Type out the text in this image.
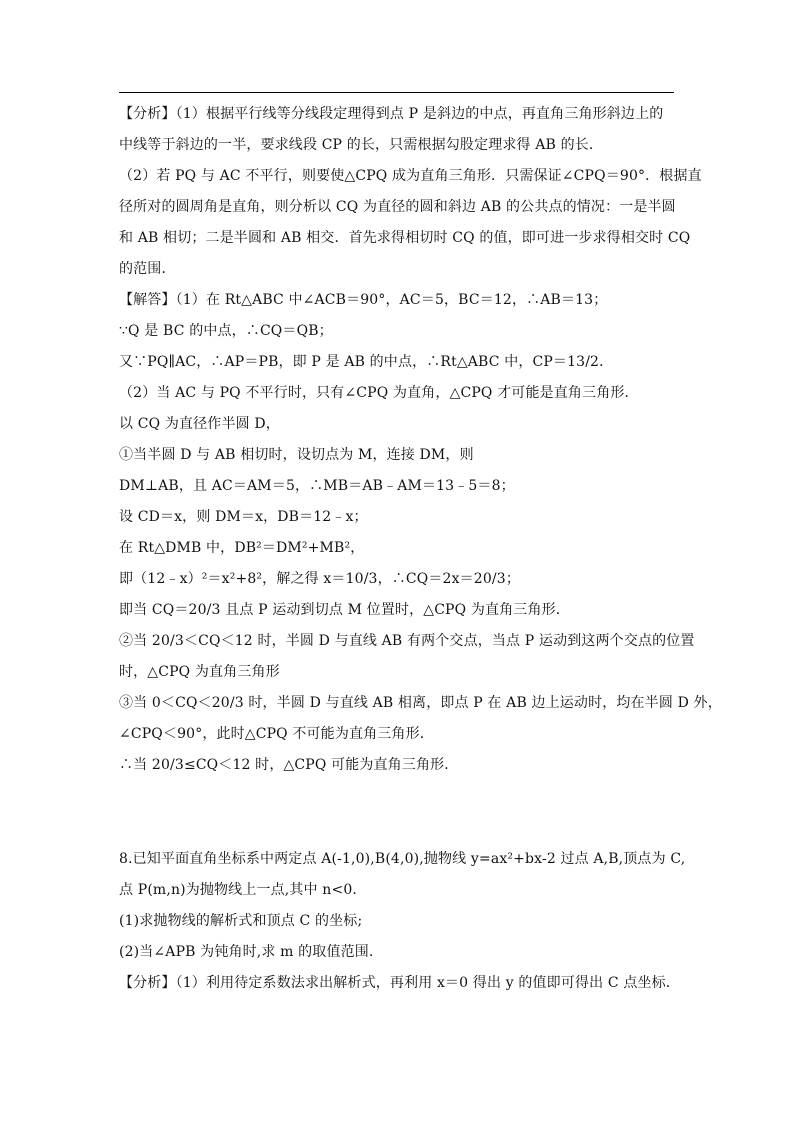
【分析】（1）根据平行线等分线段定理得到点 P 是斜边的中点，再直角三角形斜边上的
中线等于斜边的一半，要求线段 CP 的长，只需根据勾股定理求得 AB 的长．
（2）若 PQ 与 AC 不平行，则要使△CPQ 成为直角三角形．只需保证∠CPQ＝90°．根据直
径所对的圆周角是直角，则分析以 CQ 为直径的圆和斜边 AB 的公共点的情况：一是半圆
和 AB 相切；二是半圆和 AB 相交．首先求得相切时 CQ 的值，即可进一步求得相交时 CQ
的范围．
【解答】（1）在 Rt△ABC 中∠ACB＝90°，AC＝5，BC＝12，∴AB＝13；
∵Q 是 BC 的中点，∴CQ＝QB；
又∵PQ∥AC，∴AP＝PB，即 P 是 AB 的中点，∴Rt△ABC 中，CP＝13/2．
（2）当 AC 与 PQ 不平行时，只有∠CPQ 为直角，△CPQ 才可能是直角三角形．
以 CQ 为直径作半圆 D，
①当半圆 D 与 AB 相切时，设切点为 M，连接 DM，则
DM⊥AB，且 AC＝AM＝5，∴MB＝AB﹣AM＝13﹣5＝8；
设 CD＝x，则 DM＝x，DB＝12﹣x；
在 Rt△DMB 中，DB²＝DM²+MB²，
即（12﹣x）²＝x²+8²，解之得 x＝10/3，∴CQ＝2x＝20/3；
即当 CQ＝20/3 且点 P 运动到切点 M 位置时，△CPQ 为直角三角形．
②当 20/3＜CQ＜12 时，半圆 D 与直线 AB 有两个交点，当点 P 运动到这两个交点的位置
时，△CPQ 为直角三角形
③当 0＜CQ＜20/3 时，半圆 D 与直线 AB 相离，即点 P 在 AB 边上运动时，均在半圆 D 外，
∠CPQ＜90°，此时△CPQ 不可能为直角三角形．
∴当 20/3≤CQ＜12 时，△CPQ 可能为直角三角形．
8.已知平面直角坐标系中两定点 A(-1,0),B(4,0),抛物线 y=ax²+bx-2 过点 A,B,顶点为 C,
点 P(m,n)为抛物线上一点,其中 n<0.
(1)求抛物线的解析式和顶点 C 的坐标;
(2)当∠APB 为钝角时,求 m 的取值范围.
【分析】（1）利用待定系数法求出解析式，再利用 x＝0 得出 y 的值即可得出 C 点坐标．
